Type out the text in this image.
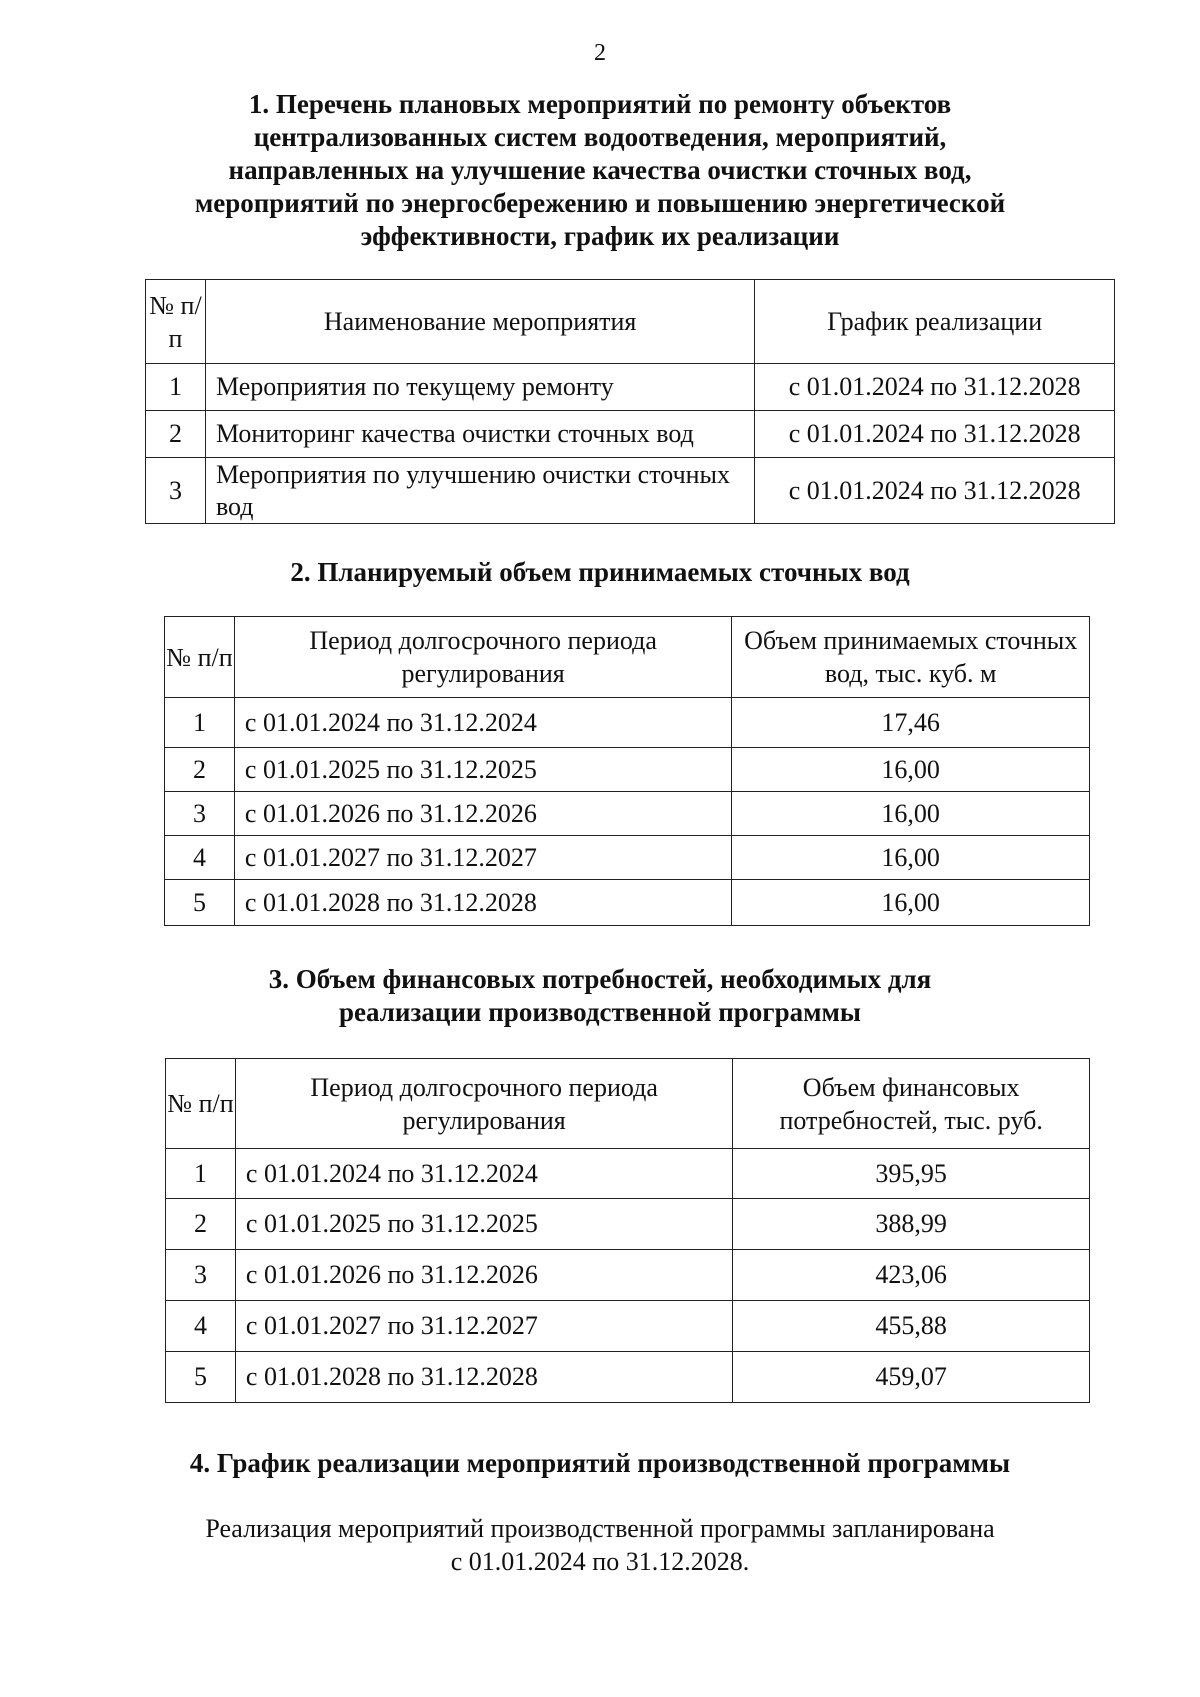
2
1. Перечень плановых мероприятий по ремонту объектов
централизованных систем водоотведения, мероприятий,
направленных на улучшение качества очистки сточных вод,
мероприятий по энергосбережению и повышению энергетической
эффективности, график их реализации
№ п/п	Наименование мероприятия	График реализации
1	Мероприятия по текущему ремонту	с 01.01.2024 по 31.12.2028
2	Мониторинг качества очистки сточных вод	с 01.01.2024 по 31.12.2028
3	Мероприятия по улучшению очистки сточных вод	с 01.01.2024 по 31.12.2028
2. Планируемый объем принимаемых сточных вод
№ п/п	Период долгосрочного периода регулирования	Объем принимаемых сточных вод, тыс. куб. м
1	с 01.01.2024 по 31.12.2024	17,46
2	с 01.01.2025 по 31.12.2025	16,00
3	с 01.01.2026 по 31.12.2026	16,00
4	с 01.01.2027 по 31.12.2027	16,00
5	с 01.01.2028 по 31.12.2028	16,00
3. Объем финансовых потребностей, необходимых для
реализации производственной программы
№ п/п	Период долгосрочного периода регулирования	Объем финансовых потребностей, тыс. руб.
1	с 01.01.2024 по 31.12.2024	395,95
2	с 01.01.2025 по 31.12.2025	388,99
3	с 01.01.2026 по 31.12.2026	423,06
4	с 01.01.2027 по 31.12.2027	455,88
5	с 01.01.2028 по 31.12.2028	459,07
4. График реализации мероприятий производственной программы
Реализация мероприятий производственной программы запланирована
с 01.01.2024 по 31.12.2028.
